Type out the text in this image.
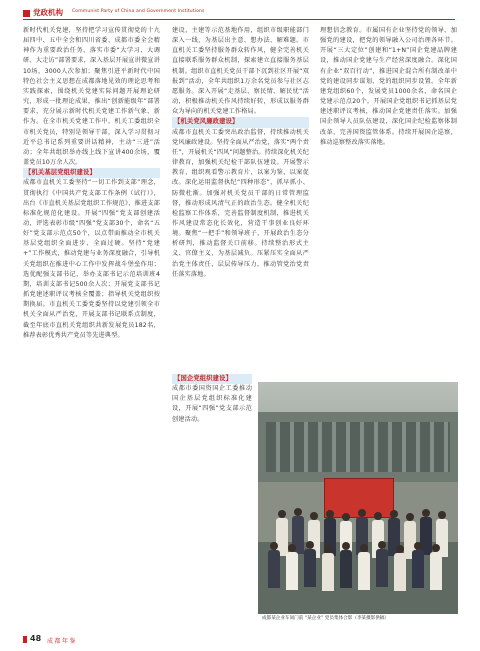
党政机构 Communist Party of China and Government Institutions

新时代机关党建，坚持把学习宣传贯彻党的十九届四中、五中全会和四川省委、成都市委全会精神作为重要政治任务，落实市委“大学习、大调研、大走访”部署要求，深入基层开展宣讲微宣讲10场，3000人次参加；聚焦引进平新时代中国特色社会主义思想在成都落地见效的理论思考和实践探索，围绕机关党建实际问题开展理论研究，形成一批理论成果，推出“创新能级年”部署要求，充分展示新时代机关党建工作新气象、新作为。在全市机关党建工作中，机关工委组织全市机关党员，特别是领导干部，深入学习贯彻习近平总书记系列重要讲话精神，主动“三进”活动；全年共组织举办线上线下宣讲400余场，覆盖党员10万余人次。

【机关基层党组织建设】

成都市直机关工委坚持“一切工作到支部”理念，贯彻执行《中国共产党支部工作条例（试行）》，出台《市直机关基层党组织工作规范》，推进支部标准化规范化建设。开展“四强”党支部创建活动，评选表彰市级“四强”党支部30个，命名“五好”党支部示范点50个，以点带面推动全市机关基层党组织全面进步、全面过硬。坚持“党建+”工作模式，推动党建与业务深度融合，引导机关党组织在推进中心工作中发挥战斗堡垒作用；选优配强支部书记，举办支部书记示范培训班4期，培训支部书记500余人次；开展党支部书记抓党建述职评议考核全覆盖；指导机关党组织按期换届。市直机关工委党委坚持以党建引领全市机关全面从严治党，开展支部书记联系点制度，截至年底市直机关党组织共新发展党员182名，推荐表彰优秀共产党员等先进典型。

建设，主建等示范基地作用，组织市级职能部门深入一线，为基层出主意、想办法、解难题。市直机关工委坚持服务群众转作风，健全完善机关直接联系服务群众机制，探索建立直接服务基层机制。组织市直机关党员干部下沉到社区开展“双报到”活动，全年共组织1万余名党员参与社区志愿服务。深入开展“走基层、察民情、解民忧”活动，积极推动机关作风持续好转，形成以服务群众为导向的机关党建工作格局。

【机关党风廉政建设】

成都市直机关工委突出政治监督，持续推动机关党风廉政建设。坚持全面从严治党，落实“两个责任”，开展机关“四风”问题整治。持续深化机关纪律教育，加强机关纪检干部队伍建设。开展警示教育，组织观看警示教育片，以案为鉴、以案促改。深化运用监督执纪“四种形态”，抓早抓小、防微杜渐。加强对机关党员干部的日常管理监督，推动形成风清气正的政治生态。健全机关纪检监察工作体系，完善监督制度机制，推进机关作风建设常态化长效化，营造干事创业良好环境。聚焦“一把手”和领导班子，开展政治生态分析研判，推动监督关口前移。持续整治形式主义、官僚主义，为基层减负。压紧压实全面从严治党主体责任，层层传导压力，推动管党治党责任落实落地。

【国企党组织建设】

成都市委国资国企工委推动国企基层党组织标准化建设，开展“四强”党支部示范创建活动。

理想信念教育。市属国有企业坚持党的领导、加强党的建设，把党的领导融入公司治理各环节。开展“三大定位”创建和“1+N”国企党建品牌建设，推动国企党建与生产经营深度融合。深化国有企业“双百行动”，推进国企混合所有制改革中党的建设同步谋划、党的组织同步设置。全年新建党组织60个，发展党员1000余名，命名国企党建示范点20个。开展国企党组织书记抓基层党建述职评议考核，推动国企党建责任落实。加强国企领导人员队伍建设，深化国企纪检监察体制改革，完善国资监管体系。持续开展国企巡察，推动巡察整改落实落地。

成都某企业车间门前 “某企业” 党员集体合影（李某摄影供稿）
48 成都年鉴
